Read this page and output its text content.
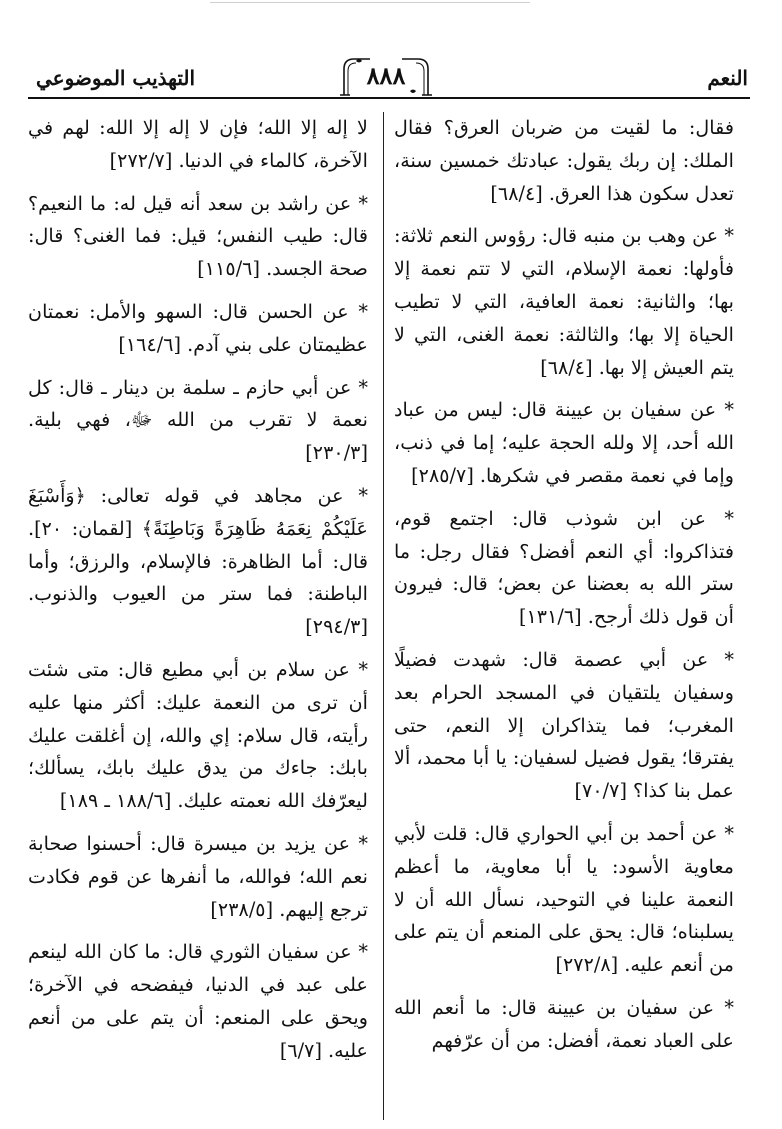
التهذيب الموضوعي	٨٨٨	النعم

فقال: ما لقيت من ضربان العرق؟ فقال الملك: إن ربك يقول: عبادتك خمسين سنة، تعدل سكون هذا العرق. [٦٨/٤]

* عن وهب بن منبه قال: رؤوس النعم ثلاثة: فأولها: نعمة الإسلام، التي لا تتم نعمة إلا بها؛ والثانية: نعمة العافية، التي لا تطيب الحياة إلا بها؛ والثالثة: نعمة الغنى، التي لا يتم العيش إلا بها. [٦٨/٤]

* عن سفيان بن عيينة قال: ليس من عباد الله أحد، إلا ولله الحجة عليه؛ إما في ذنب، وإما في نعمة مقصر في شكرها. [٢٨٥/٧]

* عن ابن شوذب قال: اجتمع قوم، فتذاكروا: أي النعم أفضل؟ فقال رجل: ما ستر الله به بعضنا عن بعض؛ قال: فيرون أن قول ذلك أرجح. [١٣١/٦]

* عن أبي عصمة قال: شهدت فضيلًا وسفيان يلتقيان في المسجد الحرام بعد المغرب؛ فما يتذاكران إلا النعم، حتى يفترقا؛ يقول فضيل لسفيان: يا أبا محمد، ألا عمل بنا كذا؟ [٧٠/٧]

* عن أحمد بن أبي الحواري قال: قلت لأبي معاوية الأسود: يا أبا معاوية، ما أعظم النعمة علينا في التوحيد، نسأل الله أن لا يسلبناه؛ قال: يحق على المنعم أن يتم على من أنعم عليه. [٢٧٢/٨]

* عن سفيان بن عيينة قال: ما أنعم الله على العباد نعمة، أفضل: من أن عرّفهم

لا إله إلا الله؛ فإن لا إله إلا الله: لهم في الآخرة، كالماء في الدنيا. [٢٧٢/٧]

* عن راشد بن سعد أنه قيل له: ما النعيم؟ قال: طيب النفس؛ قيل: فما الغنى؟ قال: صحة الجسد. [١١٥/٦]

* عن الحسن قال: السهو والأمل: نعمتان عظيمتان على بني آدم. [١٦٤/٦]

* عن أبي حازم ـ سلمة بن دينار ـ قال: كل نعمة لا تقرب من الله ﷻ، فهي بلية. [٢٣٠/٣]

* عن مجاهد في قوله تعالى: ﴿وَأَسْبَغَ عَلَيْكُمْ نِعَمَهُ ظَاهِرَةً وَبَاطِنَةً﴾ [لقمان: ٢٠]. قال: أما الظاهرة: فالإسلام، والرزق؛ وأما الباطنة: فما ستر من العيوب والذنوب. [٢٩٤/٣]

* عن سلام بن أبي مطيع قال: متى شئت أن ترى من النعمة عليك: أكثر منها عليه رأيته، قال سلام: إي والله، إن أغلقت عليك بابك: جاءك من يدق عليك بابك، يسألك؛ ليعرّفك الله نعمته عليك. [١٨٨/٦ ـ ١٨٩]

* عن يزيد بن ميسرة قال: أحسنوا صحابة نعم الله؛ فوالله، ما أنفرها عن قوم فكادت ترجع إليهم. [٢٣٨/٥]

* عن سفيان الثوري قال: ما كان الله لينعم على عبد في الدنيا، فيفضحه في الآخرة؛ ويحق على المنعم: أن يتم على من أنعم عليه. [٦/٧]
